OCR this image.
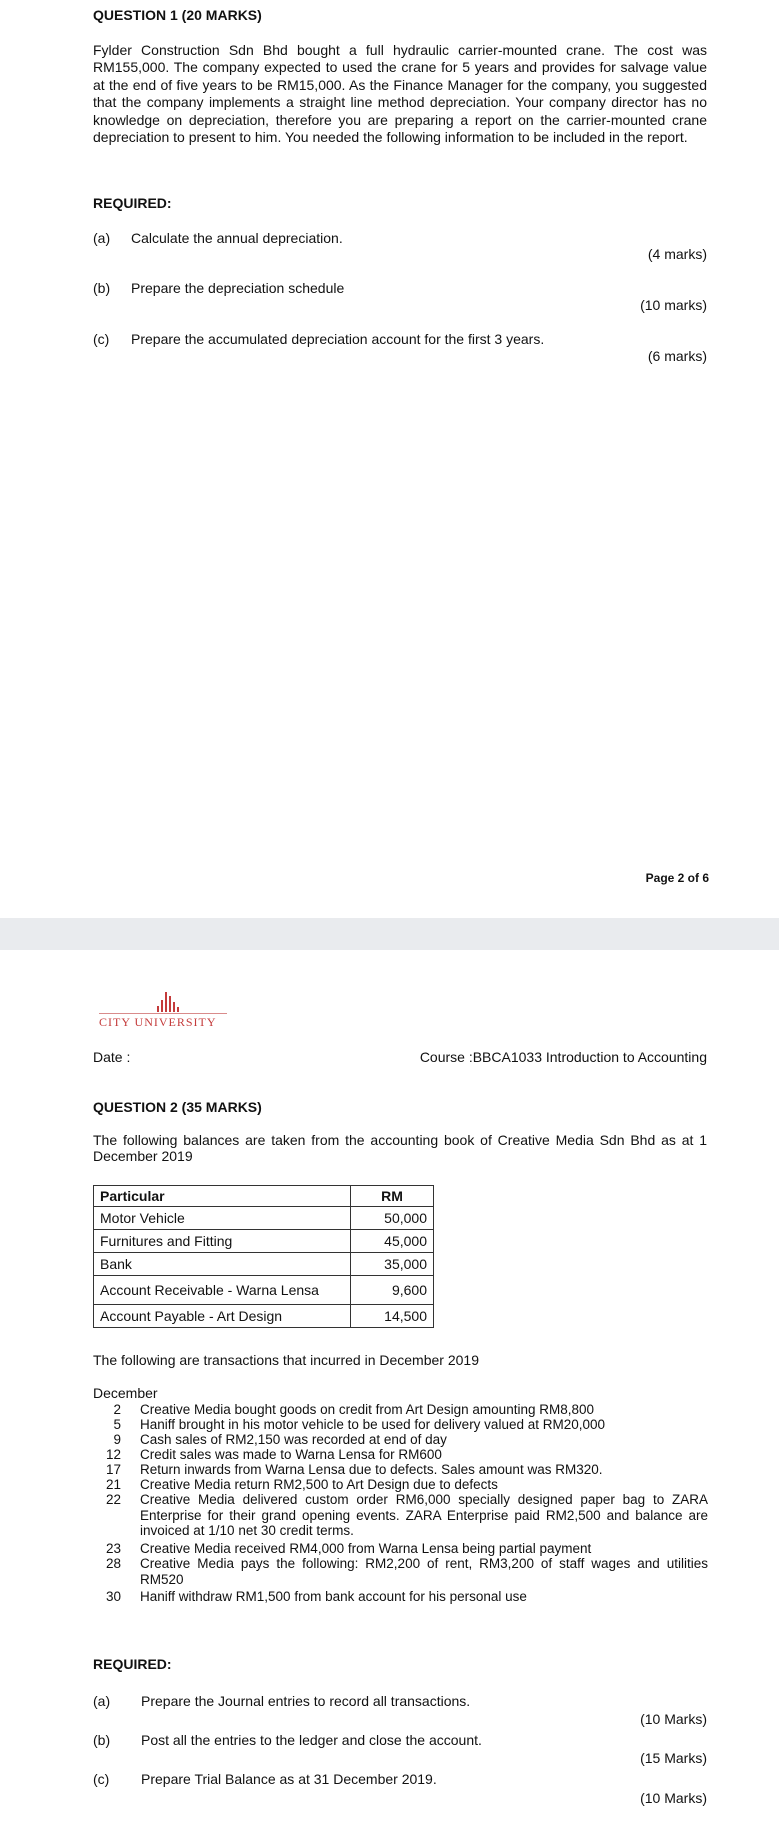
QUESTION 1 (20 MARKS)
Fylder Construction Sdn Bhd bought a full hydraulic carrier-mounted crane. The cost was RM155,000. The company expected to used the crane for 5 years and provides for salvage value at the end of five years to be RM15,000. As the Finance Manager for the company, you suggested that the company implements a straight line method depreciation. Your company director has no knowledge on depreciation, therefore you are preparing a report on the carrier-mounted crane depreciation to present to him. You needed the following information to be included in the report.
REQUIRED:
(a) Calculate the annual depreciation.
(4 marks)
(b) Prepare the depreciation schedule
(10 marks)
(c) Prepare the accumulated depreciation account for the first 3 years.
(6 marks)
Page 2 of 6
CITY UNIVERSITY
Date :	Course :BBCA1033 Introduction to Accounting
QUESTION 2 (35 MARKS)
The following balances are taken from the accounting book of Creative Media Sdn Bhd as at 1 December 2019
Particular	RM
Motor Vehicle	50,000
Furnitures and Fitting	45,000
Bank	35,000
Account Receivable - Warna Lensa	9,600
Account Payable - Art Design	14,500
The following are transactions that incurred in December 2019
December
2 Creative Media bought goods on credit from Art Design amounting RM8,800
5 Haniff brought in his motor vehicle to be used for delivery valued at RM20,000
9 Cash sales of RM2,150 was recorded at end of day
12 Credit sales was made to Warna Lensa for RM600
17 Return inwards from Warna Lensa due to defects. Sales amount was RM320.
21 Creative Media return RM2,500 to Art Design due to defects
22 Creative Media delivered custom order RM6,000 specially designed paper bag to ZARA Enterprise for their grand opening events. ZARA Enterprise paid RM2,500 and balance are invoiced at 1/10 net 30 credit terms.
23 Creative Media received RM4,000 from Warna Lensa being partial payment
28 Creative Media pays the following: RM2,200 of rent, RM3,200 of staff wages and utilities RM520
30 Haniff withdraw RM1,500 from bank account for his personal use
REQUIRED:
(a) Prepare the Journal entries to record all transactions.
(10 Marks)
(b) Post all the entries to the ledger and close the account.
(15 Marks)
(c) Prepare Trial Balance as at 31 December 2019.
(10 Marks)
